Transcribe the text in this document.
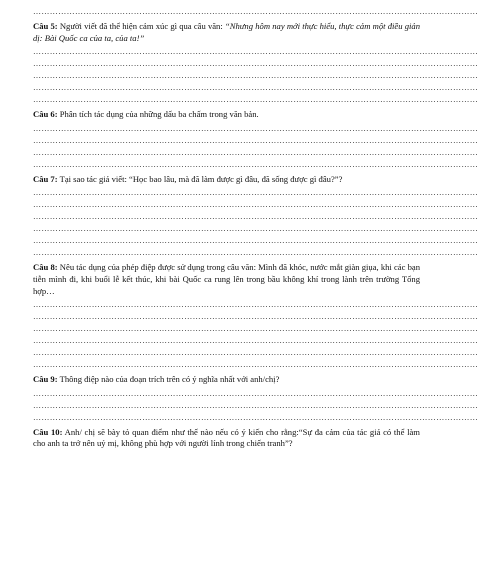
……………………………………………………………………………………………………………………………………………
Câu 5: Người viết đã thể hiện cảm xúc gì qua câu văn: “Nhưng hôm nay mới thực hiểu, thực cảm một điều giản dị: Bài Quốc ca của ta, của ta!”
……………………………………………………………………………………………………………………………………………
……………………………………………………………………………………………………………………………………………
……………………………………………………………………………………………………………………………………………
……………………………………………………………………………………………………………………………………………
……………………………………………………………………………………………………………………………………………
Câu 6: Phân tích tác dụng của những dấu ba chấm trong văn bản.
……………………………………………………………………………………………………………………………………………
……………………………………………………………………………………………………………………………………………
……………………………………………………………………………………………………………………………………………
……………………………………………………………………………………………………………………………………………
Câu 7: Tại sao tác giả viết: “Học bao lâu, mà đã làm được gì đâu, đã sống được gì đâu?”?
……………………………………………………………………………………………………………………………………………
……………………………………………………………………………………………………………………………………………
……………………………………………………………………………………………………………………………………………
……………………………………………………………………………………………………………………………………………
……………………………………………………………………………………………………………………………………………
……………………………………………………………………………………………………………………………………………
Câu 8: Nêu tác dụng của phép điệp được sử dụng trong câu văn: Mình đã khóc, nước mắt giàn giụa, khi các bạn tiễn mình đi, khi buổi lễ kết thúc, khi bài Quốc ca rung lên trong bầu không khí trong lành trên trường Tổng hợp…
……………………………………………………………………………………………………………………………………………
……………………………………………………………………………………………………………………………………………
……………………………………………………………………………………………………………………………………………
……………………………………………………………………………………………………………………………………………
……………………………………………………………………………………………………………………………………………
……………………………………………………………………………………………………………………………………………
Câu 9: Thông điệp nào của đoạn trích trên có ý nghĩa nhất với anh/chị?
……………………………………………………………………………………………………………………………………………
……………………………………………………………………………………………………………………………………………
……………………………………………………………………………………………………………………………………………
Câu 10: Anh/ chị sẽ bày tỏ quan điểm như thế nào nếu có ý kiến cho rằng:“Sự đa cảm của tác giả có thể làm cho anh ta trở nên uỷ mị, không phù hợp với người lính trong chiến tranh”?
